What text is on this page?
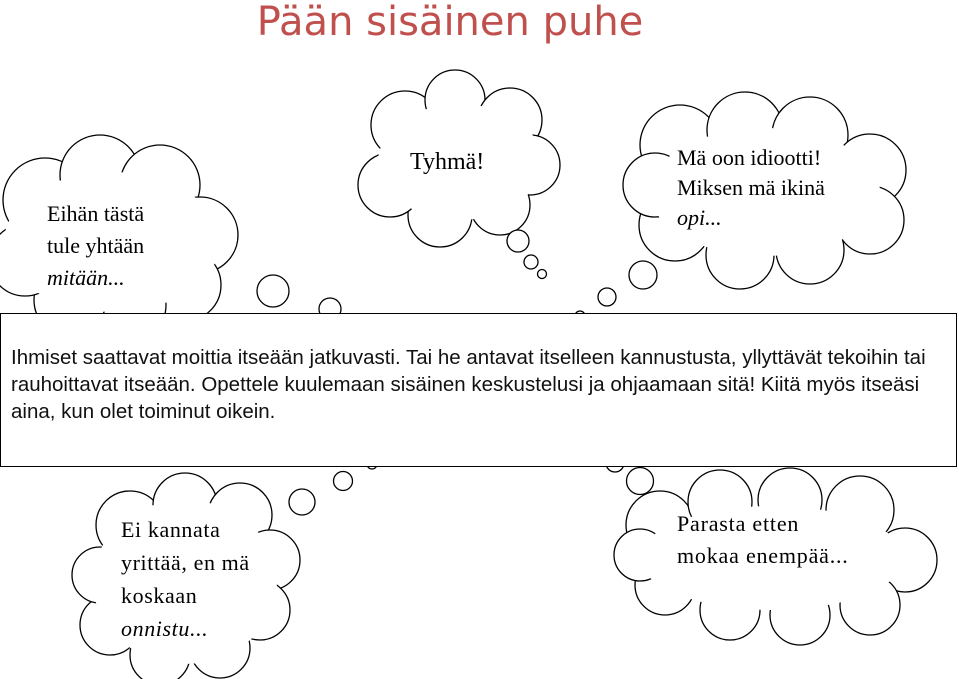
Pään sisäinen puhe
Ihmiset saattavat moittia itseään jatkuvasti. Tai he antavat itselleen kannustusta, yllyttävät tekoihin tai rauhoittavat itseään. Opettele kuulemaan sisäinen keskustelusi ja ohjaamaan sitä! Kiitä myös itseäsi aina, kun olet toiminut oikein.
Eihän tästä
tule yhtään
mitään...
Tyhmä!	Mä oon idiootti!
Miksen mä ikinä
opi...
Ei kannata
yrittää, en mä
koskaan
onnistu...
Parasta etten
mokaa enempää...
